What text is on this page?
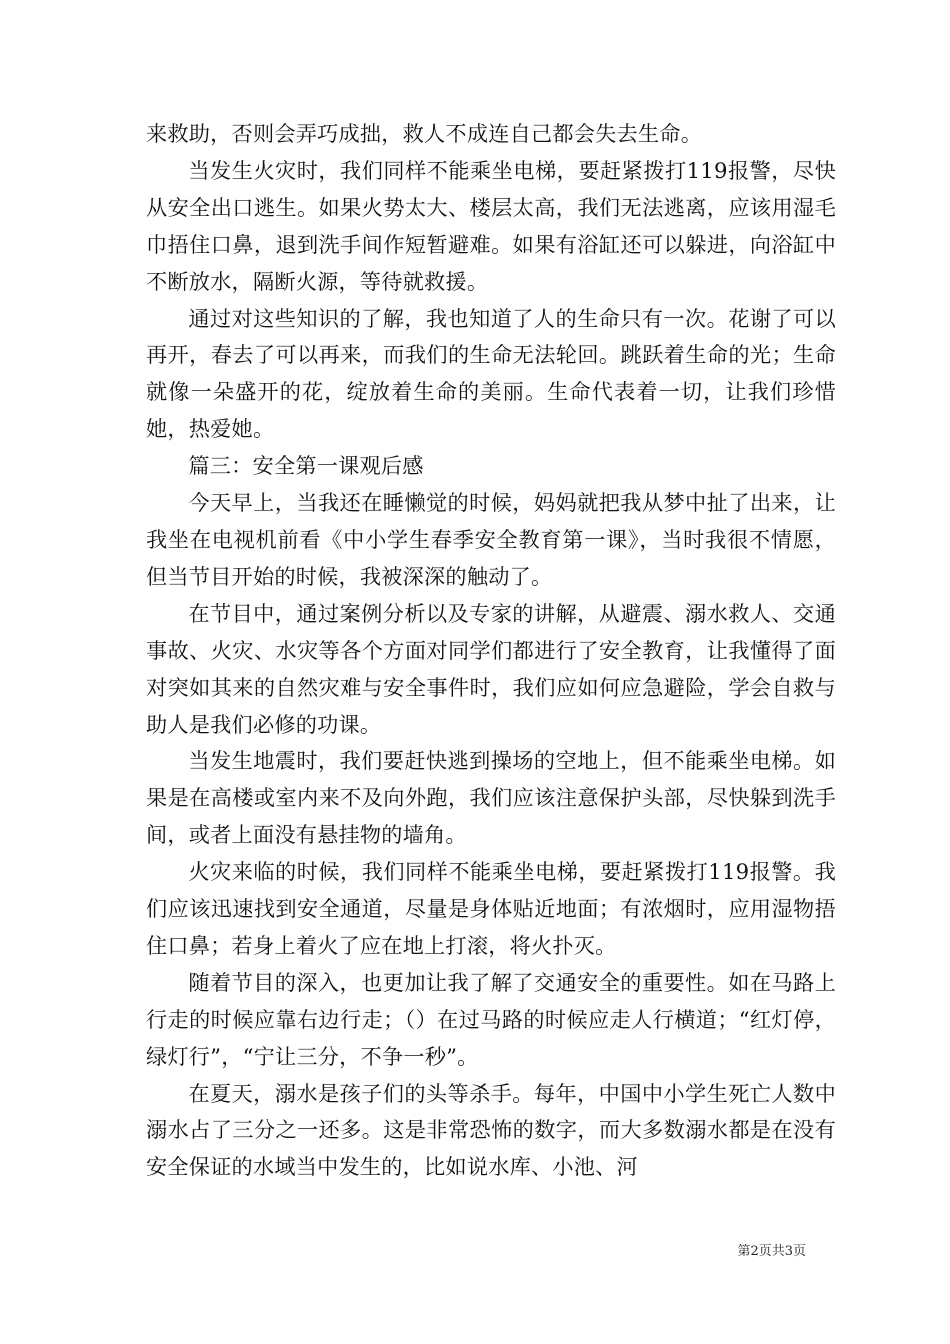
来救助，否则会弄巧成拙，救人不成连自己都会失去生命。

当发生火灾时，我们同样不能乘坐电梯，要赶紧拨打119报警，尽快从安全出口逃生。如果火势太大、楼层太高，我们无法逃离，应该用湿毛巾捂住口鼻，退到洗手间作短暂避难。如果有浴缸还可以躲进，向浴缸中不断放水，隔断火源，等待就救援。

通过对这些知识的了解，我也知道了人的生命只有一次。花谢了可以再开，春去了可以再来，而我们的生命无法轮回。跳跃着生命的光；生命就像一朵盛开的花，绽放着生命的美丽。生命代表着一切，让我们珍惜她，热爱她。

篇三：安全第一课观后感

今天早上，当我还在睡懒觉的时候，妈妈就把我从梦中扯了出来，让我坐在电视机前看《中小学生春季安全教育第一课》，当时我很不情愿，但当节目开始的时候，我被深深的触动了。

在节目中，通过案例分析以及专家的讲解，从避震、溺水救人、交通事故、火灾、水灾等各个方面对同学们都进行了安全教育，让我懂得了面对突如其来的自然灾难与安全事件时，我们应如何应急避险，学会自救与助人是我们必修的功课。

当发生地震时，我们要赶快逃到操场的空地上，但不能乘坐电梯。如果是在高楼或室内来不及向外跑，我们应该注意保护头部，尽快躲到洗手间，或者上面没有悬挂物的墙角。

火灾来临的时候，我们同样不能乘坐电梯，要赶紧拨打119报警。我们应该迅速找到安全通道，尽量是身体贴近地面；有浓烟时，应用湿物捂住口鼻；若身上着火了应在地上打滚，将火扑灭。

随着节目的深入，也更加让我了解了交通安全的重要性。如在马路上行走的时候应靠右边行走；（）在过马路的时候应走人行横道；“红灯停，绿灯行”，“宁让三分，不争一秒”。

在夏天，溺水是孩子们的头等杀手。每年，中国中小学生死亡人数中溺水占了三分之一还多。这是非常恐怖的数字，而大多数溺水都是在没有安全保证的水域当中发生的，比如说水库、小池、河

第2页共3页
